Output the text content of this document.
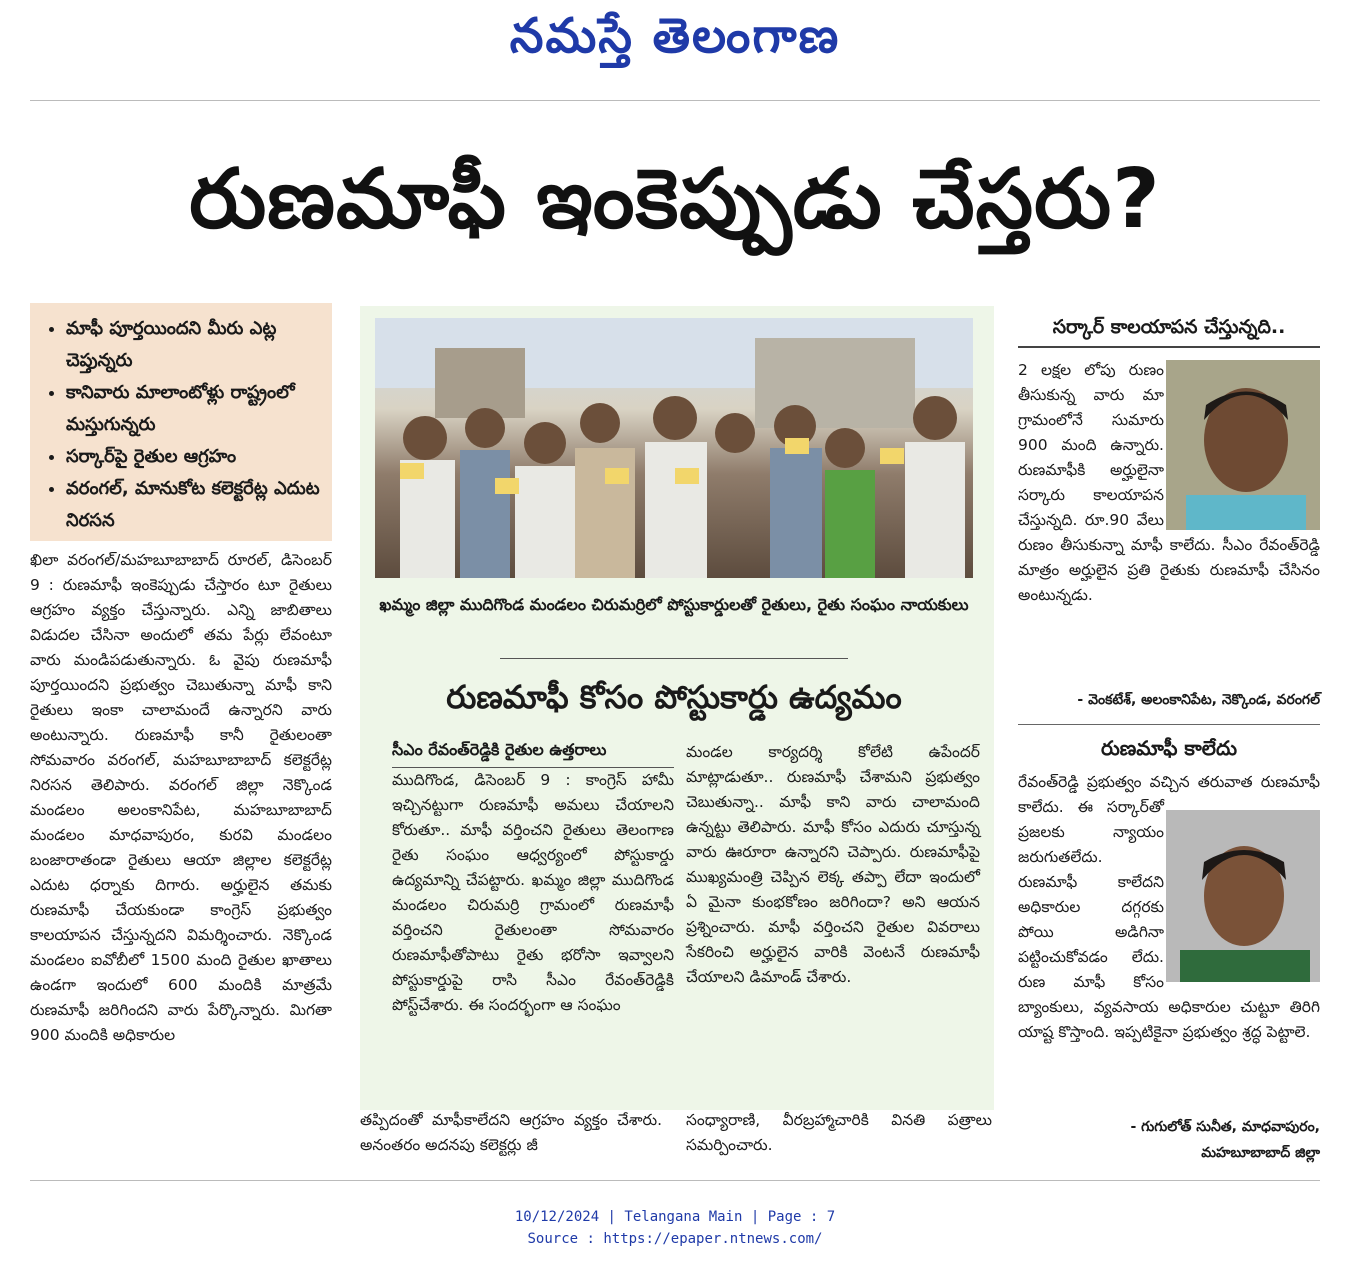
నమస్తే తెలంగాణ
రుణమాఫీ ఇంకెప్పుడు చేస్తరు?
• మాఫీ పూర్తయిందని మీరు ఎట్ల చెప్తున్నరు
• కానివారు మాలాంటోళ్లు రాష్ట్రంలో మస్తుగున్నరు
• సర్కార్‌పై రైతుల ఆగ్రహం
• వరంగల్, మానుకోట కలెక్టరేట్ల ఎదుట నిరసన
ఖిలా వరంగల్/మహబూబాబాద్ రూరల్, డిసెంబర్ 9 : రుణమాఫీ ఇంకెప్పుడు చేస్తారం టూ రైతులు ఆగ్రహం వ్యక్తం చేస్తున్నారు. ఎన్ని జాబితాలు విడుదల చేసినా అందులో తమ పేర్లు లేవంటూ వారు మండిపడుతున్నారు. ఓ వైపు రుణమాఫీ పూర్తయిందని ప్రభుత్వం చెబుతున్నా మాఫీ కాని రైతులు ఇంకా చాలామందే ఉన్నారని వారు అంటున్నారు. రుణమాఫీ కానీ రైతులంతా సోమవారం వరంగల్, మహబూబాబాద్ కలెక్టరేట్ల నిరసన తెలిపారు. వరంగల్ జిల్లా నెక్కొండ మండలం అలంకానిపేట, మహబూబాబాద్ మండలం మాధవాపురం, కురవి మండలం బంజారాతండా రైతులు ఆయా జిల్లాల కలెక్టరేట్ల ఎదుట ధర్నాకు దిగారు. అర్హులైన తమకు రుణమాఫీ చేయకుండా కాంగ్రెస్ ప్రభుత్వం కాలయాపన చేస్తున్నదని విమర్శించారు. నెక్కొండ మండలం ఐవోబీలో 1500 మంది రైతుల ఖాతాలు ఉండగా ఇందులో 600 మందికి మాత్రమే రుణమాఫీ జరిగిందని వారు పేర్కొన్నారు. మిగతా 900 మందికి అధికారుల
ఖమ్మం జిల్లా ముదిగొండ మండలం చిరుమర్రిలో పోస్టుకార్డులతో రైతులు, రైతు సంఘం నాయకులు
రుణమాఫీ కోసం పోస్టుకార్డు ఉద్యమం
సీఎం రేవంత్‌రెడ్డికి రైతుల ఉత్తరాలు
ముదిగొండ, డిసెంబర్ 9 : కాంగ్రెస్ హామీ ఇచ్చినట్టుగా రుణమాఫీ అమలు చేయాలని కోరుతూ.. మాఫీ వర్తించని రైతులు తెలంగాణ రైతు సంఘం ఆధ్వర్యంలో పోస్టుకార్డు ఉద్యమాన్ని చేపట్టారు. ఖమ్మం జిల్లా ముదిగొండ మండలం చిరుమర్రి గ్రామంలో రుణమాఫీ వర్తించని రైతులంతా సోమవారం రుణమాఫీతోపాటు రైతు భరోసా ఇవ్వాలని పోస్టుకార్డుపై రాసి సీఎం రేవంత్‌రెడ్డికి పోస్ట్‌చేశారు. ఈ సందర్భంగా ఆ సంఘం
మండల కార్యదర్శి కోలేటి ఉపేందర్ మాట్లాడుతూ.. రుణమాఫీ చేశామని ప్రభుత్వం చెబుతున్నా.. మాఫీ కాని వారు చాలామంది ఉన్నట్టు తెలిపారు. మాఫీ కోసం ఎదురు చూస్తున్న వారు ఊరూరా ఉన్నారని చెప్పారు. రుణమాఫీపై ముఖ్యమంత్రి చెప్పిన లెక్క తప్పా లేదా ఇందులో ఏ మైనా కుంభకోణం జరిగిందా? అని ఆయన ప్రశ్నించారు. మాఫీ వర్తించని రైతుల వివరాలు సేకరించి అర్హులైన వారికి వెంటనే రుణమాఫీ చేయాలని డిమాండ్ చేశారు.
తప్పిదంతో మాఫీకాలేదని ఆగ్రహం వ్యక్తం చేశారు. అనంతరం అదనపు కలెక్టర్లు జీ
సంధ్యారాణి, వీరబ్రహ్మాచారికి వినతి పత్రాలు సమర్పించారు.
సర్కార్ కాలయాపన చేస్తున్నది..
2 లక్షల లోపు రుణం తీసుకున్న వారు మా గ్రామంలోనే సుమారు 900 మంది ఉన్నారు. రుణమాఫీకి అర్హులైనా సర్కారు కాలయాపన చేస్తున్నది. రూ.90 వేలు రుణం తీసుకున్నా మాఫీ కాలేదు. సీఎం రేవంత్‌రెడ్డి మాత్రం అర్హులైన ప్రతి రైతుకు రుణమాఫీ చేసినం అంటున్నడు.
- వెంకటేశ్, అలంకానిపేట, నెక్కొండ, వరంగల్
రుణమాఫీ కాలేదు
రేవంత్‌రెడ్డి ప్రభుత్వం వచ్చిన తరువాత రుణమాఫీ కాలేదు. ఈ సర్కార్‌తో ప్రజలకు న్యాయం జరుగుతలేదు. రుణమాఫీ కాలేదని అధికారుల దగ్గరకు పోయి అడిగినా పట్టించుకోవడం లేదు. రుణ మాఫీ కోసం బ్యాంకులు, వ్యవసాయ అధికారుల చుట్టూ తిరిగి యాష్ట కొస్తాంది. ఇప్పటికైనా ప్రభుత్వం శ్రద్ధ పెట్టాలె.
- గుగులోత్ సునీత, మాధవాపురం,
మహబూబాబాద్ జిల్లా
10/12/2024 | Telangana Main | Page : 7
Source : https://epaper.ntnews.com/
